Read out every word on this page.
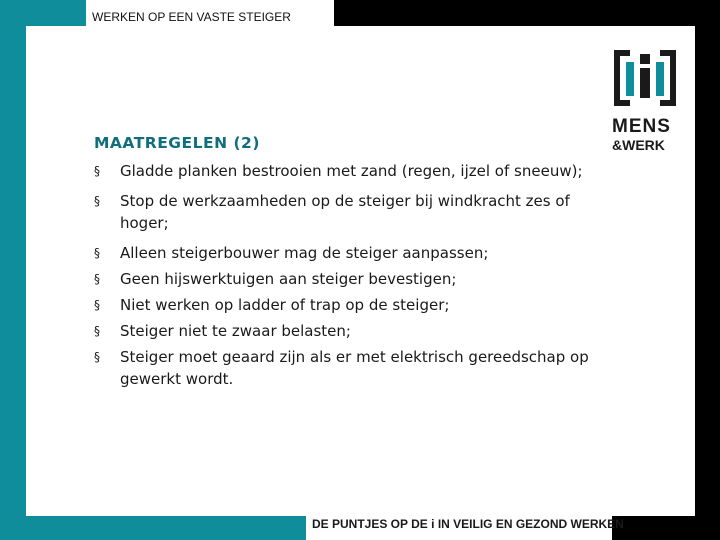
WERKEN OP EEN VASTE STEIGER
MENS
&WERK
MAATREGELEN (2)
§ Gladde planken bestrooien met zand (regen, ijzel of sneeuw);
§ Stop de werkzaamheden op de steiger bij windkracht zes of hoger;
§ Alleen steigerbouwer mag de steiger aanpassen;
§ Geen hijswerktuigen aan steiger bevestigen;
§ Niet werken op ladder of trap op de steiger;
§ Steiger niet te zwaar belasten;
§ Steiger moet geaard zijn als er met elektrisch gereedschap op gewerkt wordt.
DE PUNTJES OP DE i IN VEILIG EN GEZOND WERKEN
